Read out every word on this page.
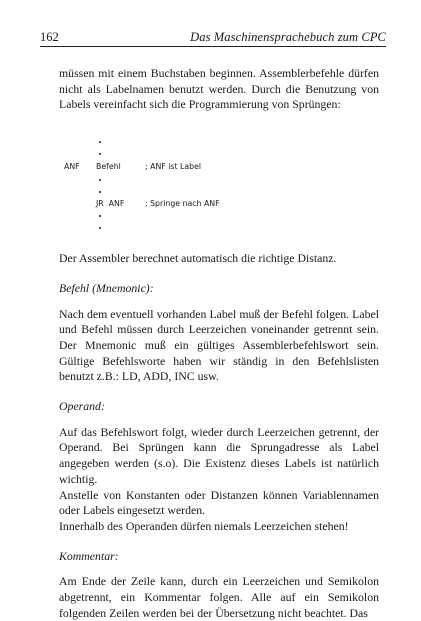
162	Das Maschinensprachebuch zum CPC

müssen mit einem Buchstaben beginnen. Assemblerbefehle dürfen nicht als Labelnamen benutzt werden. Durch die Benutzung von Labels vereinfacht sich die Programmierung von Sprüngen:

ANF Befehl	; ANF ist Label
JR  ANF	; Springe nach ANF

Der Assembler berechnet automatisch die richtige Distanz.

Befehl (Mnemonic):

Nach dem eventuell vorhanden Label muß der Befehl folgen. Label und Befehl müssen durch Leerzeichen voneinander getrennt sein. Der Mnemonic muß ein gültiges Assemblerbefehlswort sein. Gültige Befehlsworte haben wir ständig in den Befehlslisten benutzt z.B.: LD, ADD, INC usw.

Operand:

Auf das Befehlswort folgt, wieder durch Leerzeichen getrennt, der Operand. Bei Sprüngen kann die Sprungadresse als Label angegeben werden (s.o). Die Existenz dieses Labels ist natürlich wichtig.

Anstelle von Konstanten oder Distanzen können Variablennamen oder Labels eingesetzt werden.

Innerhalb des Operanden dürfen niemals Leerzeichen stehen!

Kommentar:

Am Ende der Zeile kann, durch ein Leerzeichen und Semikolon abgetrennt, ein Kommentar folgen. Alle auf ein Semikolon folgenden Zeilen werden bei der Übersetzung nicht beachtet. Das
